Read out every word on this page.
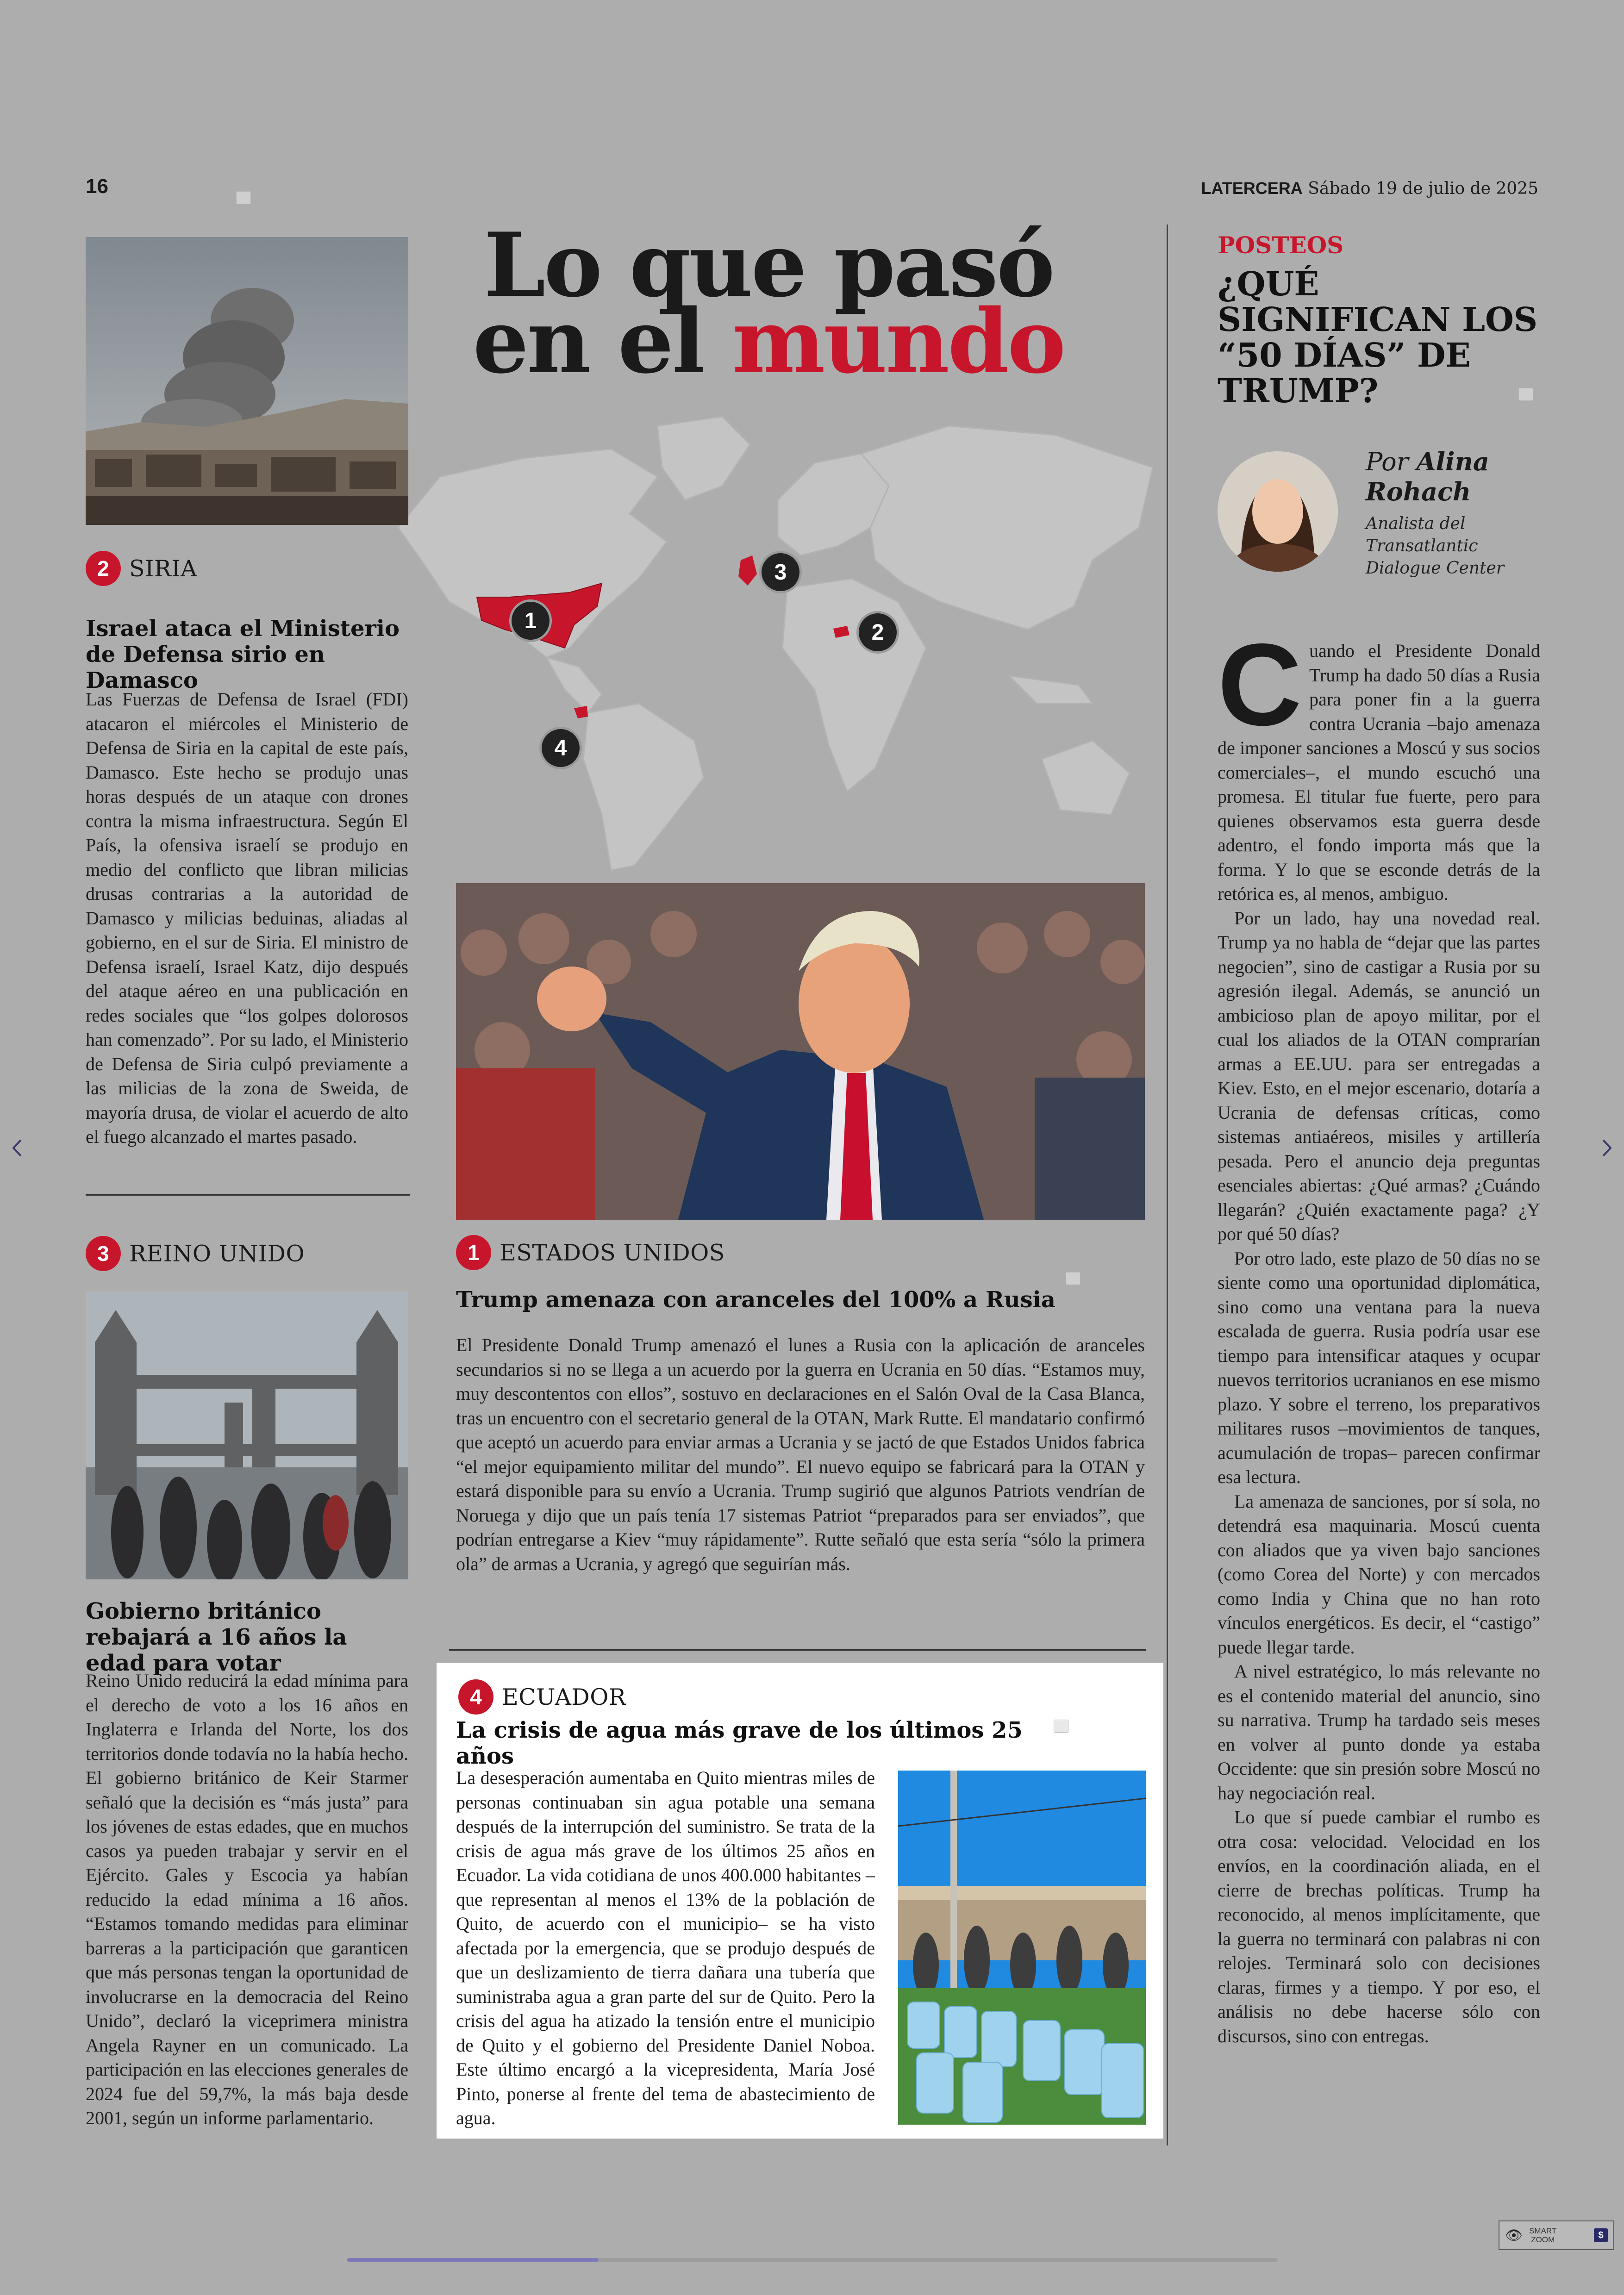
16	LATERCERA Sábado 19 de julio de 2025
Lo que pasó
en el mundo
1	2
3
4
2 SIRIA
Israel ataca el Ministerio de Defensa sirio en Damasco

Las Fuerzas de Defensa de Israel (FDI) atacaron el miércoles el Ministerio de Defensa de Siria en la capital de este país, Damasco. Este hecho se produjo unas horas después de un ataque con drones contra la misma infraestructura. Según El País, la ofensiva israelí se produjo en medio del conflicto que libran milicias drusas contrarias a la autoridad de Damasco y milicias beduinas, aliadas al gobierno, en el sur de Siria. El ministro de Defensa israelí, Israel Katz, dijo después del ataque aéreo en una publicación en redes sociales que “los golpes dolorosos han comenzado”. Por su lado, el Ministerio de Defensa de Siria culpó previamente a las milicias de la zona de Sweida, de mayoría drusa, de violar el acuerdo de alto el fuego alcanzado el martes pasado.

3 REINO UNIDO
Gobierno británico rebajará a 16 años la edad para votar

Reino Unido reducirá la edad mínima para el derecho de voto a los 16 años en Inglaterra e Irlanda del Norte, los dos territorios donde todavía no la había hecho. El gobierno británico de Keir Starmer señaló que la decisión es “más justa” para los jóvenes de estas edades, que en muchos casos ya pueden trabajar y servir en el Ejército. Gales y Escocia ya habían reducido la edad mínima a 16 años. “Estamos tomando medidas para eliminar barreras a la participación que garanticen que más personas tengan la oportunidad de involucrarse en la democracia del Reino Unido”, declaró la viceprimera ministra Angela Rayner en un comunicado. La participación en las elecciones generales de 2024 fue del 59,7%, la más baja desde 2001, según un informe parlamentario.

1 ESTADOS UNIDOS
Trump amenaza con aranceles del 100% a Rusia

El Presidente Donald Trump amenazó el lunes a Rusia con la aplicación de aranceles secundarios si no se llega a un acuerdo por la guerra en Ucrania en 50 días. “Estamos muy, muy descontentos con ellos”, sostuvo en declaraciones en el Salón Oval de la Casa Blanca, tras un encuentro con el secretario general de la OTAN, Mark Rutte. El mandatario confirmó que aceptó un acuerdo para enviar armas a Ucrania y se jactó de que Estados Unidos fabrica “el mejor equipamiento militar del mundo”. El nuevo equipo se fabricará para la OTAN y estará disponible para su envío a Ucrania. Trump sugirió que algunos Patriots vendrían de Noruega y dijo que un país tenía 17 sistemas Patriot “preparados para ser enviados”, que podrían entregarse a Kiev “muy rápidamente”. Rutte señaló que esta sería “sólo la primera ola” de armas a Ucrania, y agregó que seguirían más.

4 ECUADOR
La crisis de agua más grave de los últimos 25 años

La desesperación aumentaba en Quito mientras miles de personas continuaban sin agua potable una semana después de la interrupción del suministro. Se trata de la crisis de agua más grave de los últimos 25 años en Ecuador. La vida cotidiana de unos 400.000 habitantes –que representan al menos el 13% de la población de Quito, de acuerdo con el municipio– se ha visto afectada por la emergencia, que se produjo después de que un deslizamiento de tierra dañara una tubería que suministraba agua a gran parte del sur de Quito. Pero la crisis del agua ha atizado la tensión entre el municipio de Quito y el gobierno del Presidente Daniel Noboa. Este último encargó a la vicepresidenta, María José Pinto, ponerse al frente del tema de abastecimiento de agua.

POSTEOS
¿QUÉ SIGNIFICAN LOS “50 DÍAS” DE TRUMP?
Por Alina Rohach
Analista del Transatlantic Dialogue Center
C uando el Presidente Donald Trump ha dado 50 días a Rusia para poner fin a la guerra contra Ucrania –bajo amenaza de imponer sanciones a Moscú y sus socios comerciales–, el mundo escuchó una promesa. El titular fue fuerte, pero para quienes observamos esta guerra desde adentro, el fondo importa más que la forma. Y lo que se esconde detrás de la retórica es, al menos, ambiguo.

Por un lado, hay una novedad real. Trump ya no habla de “dejar que las partes negocien”, sino de castigar a Rusia por su agresión ilegal. Además, se anunció un ambicioso plan de apoyo militar, por el cual los aliados de la OTAN comprarían armas a EE.UU. para ser entregadas a Kiev. Esto, en el mejor escenario, dotaría a Ucrania de defensas críticas, como sistemas antiaéreos, misiles y artillería pesada. Pero el anuncio deja preguntas esenciales abiertas: ¿Qué armas? ¿Cuándo llegarán? ¿Quién exactamente paga? ¿Y por qué 50 días?

Por otro lado, este plazo de 50 días no se siente como una oportunidad diplomática, sino como una ventana para la nueva escalada de guerra. Rusia podría usar ese tiempo para intensificar ataques y ocupar nuevos territorios ucranianos en ese mismo plazo. Y sobre el terreno, los preparativos militares rusos –movimientos de tanques, acumulación de tropas– parecen confirmar esa lectura.

La amenaza de sanciones, por sí sola, no detendrá esa maquinaria. Moscú cuenta con aliados que ya viven bajo sanciones (como Corea del Norte) y con mercados como India y China que no han roto vínculos energéticos. Es decir, el “castigo” puede llegar tarde.

A nivel estratégico, lo más relevante no es el contenido material del anuncio, sino su narrativa. Trump ha tardado seis meses en volver al punto donde ya estaba Occidente: que sin presión sobre Moscú no hay negociación real.

Lo que sí puede cambiar el rumbo es otra cosa: velocidad. Velocidad en los envíos, en la coordinación aliada, en el cierre de brechas políticas. Trump ha reconocido, al menos implícitamente, que la guerra no terminará con palabras ni con relojes. Terminará solo con decisiones claras, firmes y a tiempo. Y por eso, el análisis no debe hacerse sólo con discursos, sino con entregas.

👁 SMART
ZOOM	$
